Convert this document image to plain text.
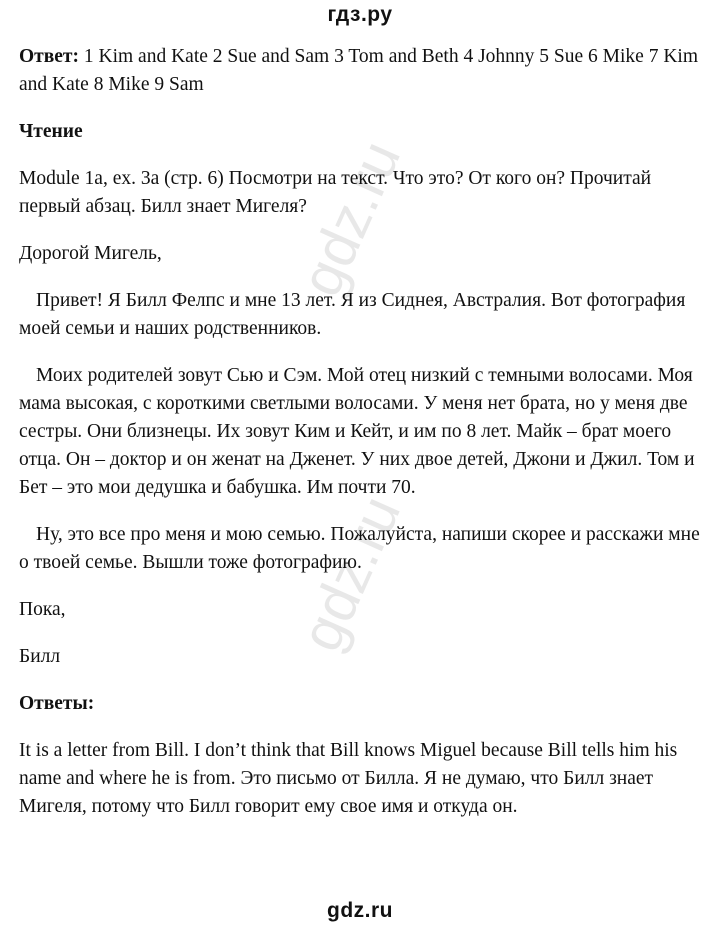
гдз.ру
gdz.ru
gdz.ru

Ответ: 1 Kim and Kate 2 Sue and Sam 3 Tom and Beth 4 Johnny 5 Sue 6 Mike 7 Kim and Kate 8 Mike 9 Sam

Чтение

Module 1a, ex. 3a (стр. 6) Посмотри на текст. Что это? От кого он? Прочитай первый абзац. Билл знает Мигеля?

Дорогой Мигель,

Привет! Я Билл Фелпс и мне 13 лет. Я из Сиднея, Австралия. Вот фотография моей семьи и наших родственников.

Моих родителей зовут Сью и Сэм. Мой отец низкий с темными волосами. Моя мама высокая, с короткими светлыми волосами. У меня нет брата, но у меня две сестры. Они близнецы. Их зовут Ким и Кейт, и им по 8 лет. Майк – брат моего отца. Он – доктор и он женат на Дженет. У них двое детей, Джони и Джил. Том и Бет – это мои дедушка и бабушка. Им почти 70.

Ну, это все про меня и мою семью. Пожалуйста, напиши скорее и расскажи мне о твоей семье. Вышли тоже фотографию.

Пока,

Билл

Ответы:

It is a letter from Bill. I don’t think that Bill knows Miguel because Bill tells him his name and where he is from. Это письмо от Билла. Я не думаю, что Билл знает Мигеля, потому что Билл говорит ему свое имя и откуда он.

gdz.ru
